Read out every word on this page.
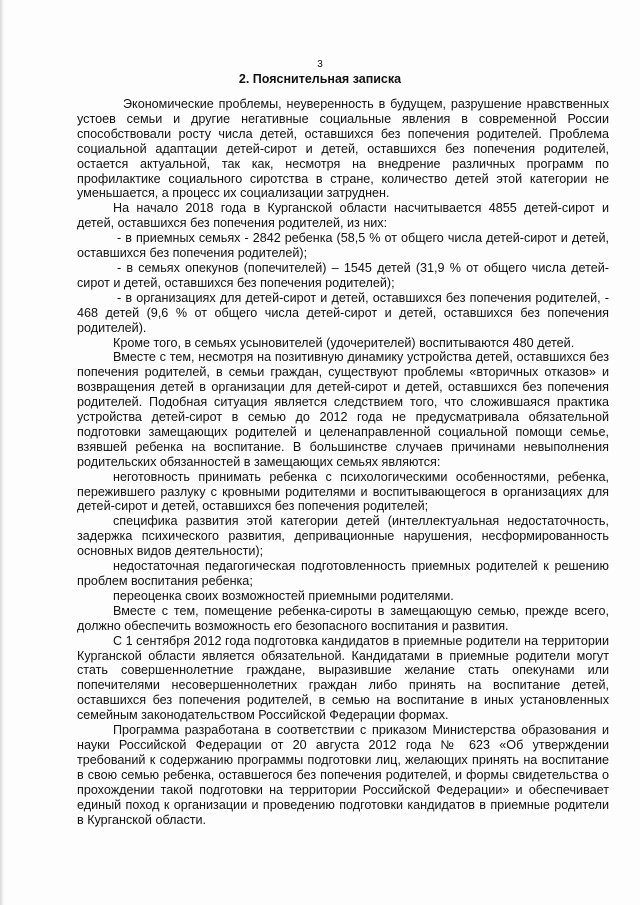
3
2. Пояснительная записка

Экономические проблемы, неуверенность в будущем, разрушение нравственных устоев семьи и другие негативные социальные явления в современной России способствовали росту числа детей, оставшихся без попечения родителей. Проблема социальной адаптации детей-сирот и детей, оставшихся без попечения родителей, остается актуальной, так как, несмотря на внедрение различных программ по профилактике социального сиротства в стране, количество детей этой категории не уменьшается, а процесс их социализации затруднен.

На начало 2018 года в Курганской области насчитывается 4855 детей-сирот и детей, оставшихся без попечения родителей, из них:

- в приемных семьях - 2842 ребенка (58,5 % от общего числа детей-сирот и детей, оставшихся без попечения родителей);

- в семьях опекунов (попечителей) – 1545 детей (31,9 % от общего числа детей-сирот и детей, оставшихся без попечения родителей);

- в организациях для детей-сирот и детей, оставшихся без попечения родителей, - 468 детей (9,6 % от общего числа детей-сирот и детей, оставшихся без попечения родителей).

Кроме того, в семьях усыновителей (удочерителей) воспитываются 480 детей.

Вместе с тем, несмотря на позитивную динамику устройства детей, оставшихся без попечения родителей, в семьи граждан, существуют проблемы «вторичных отказов» и возвращения детей в организации для детей-сирот и детей, оставшихся без попечения родителей. Подобная ситуация является следствием того, что сложившаяся практика устройства детей-сирот в семью до 2012 года не предусматривала обязательной подготовки замещающих родителей и целенаправленной социальной помощи семье, взявшей ребенка на воспитание. В большинстве случаев причинами невыполнения родительских обязанностей в замещающих семьях являются:

неготовность принимать ребенка с психологическими особенностями, ребенка, пережившего разлуку с кровными родителями и воспитывающегося в организациях для детей-сирот и детей, оставшихся без попечения родителей;

специфика развития этой категории детей (интеллектуальная недостаточность, задержка психического развития, депривационные нарушения, несформированность основных видов деятельности);

недостаточная педагогическая подготовленность приемных родителей к решению проблем воспитания ребенка;

переоценка своих возможностей приемными родителями.

Вместе с тем, помещение ребенка-сироты в замещающую семью, прежде всего, должно обеспечить возможность его безопасного воспитания и развития.

С 1 сентября 2012 года подготовка кандидатов в приемные родители на территории Курганской области является обязательной. Кандидатами в приемные родители могут стать совершеннолетние граждане, выразившие желание стать опекунами или попечителями несовершеннолетних граждан либо принять на воспитание детей, оставшихся без попечения родителей, в семью на воспитание в иных установленных семейным законодательством Российской Федерации формах.

Программа разработана в соответствии с приказом Министерства образования и науки Российской Федерации от 20 августа 2012 года № 623 «Об утверждении требований к содержанию программы подготовки лиц, желающих принять на воспитание в свою семью ребенка, оставшегося без попечения родителей, и формы свидетельства о прохождении такой подготовки на территории Российской Федерации» и обеспечивает единый поход к организации и проведению подготовки кандидатов в приемные родители в Курганской области.
